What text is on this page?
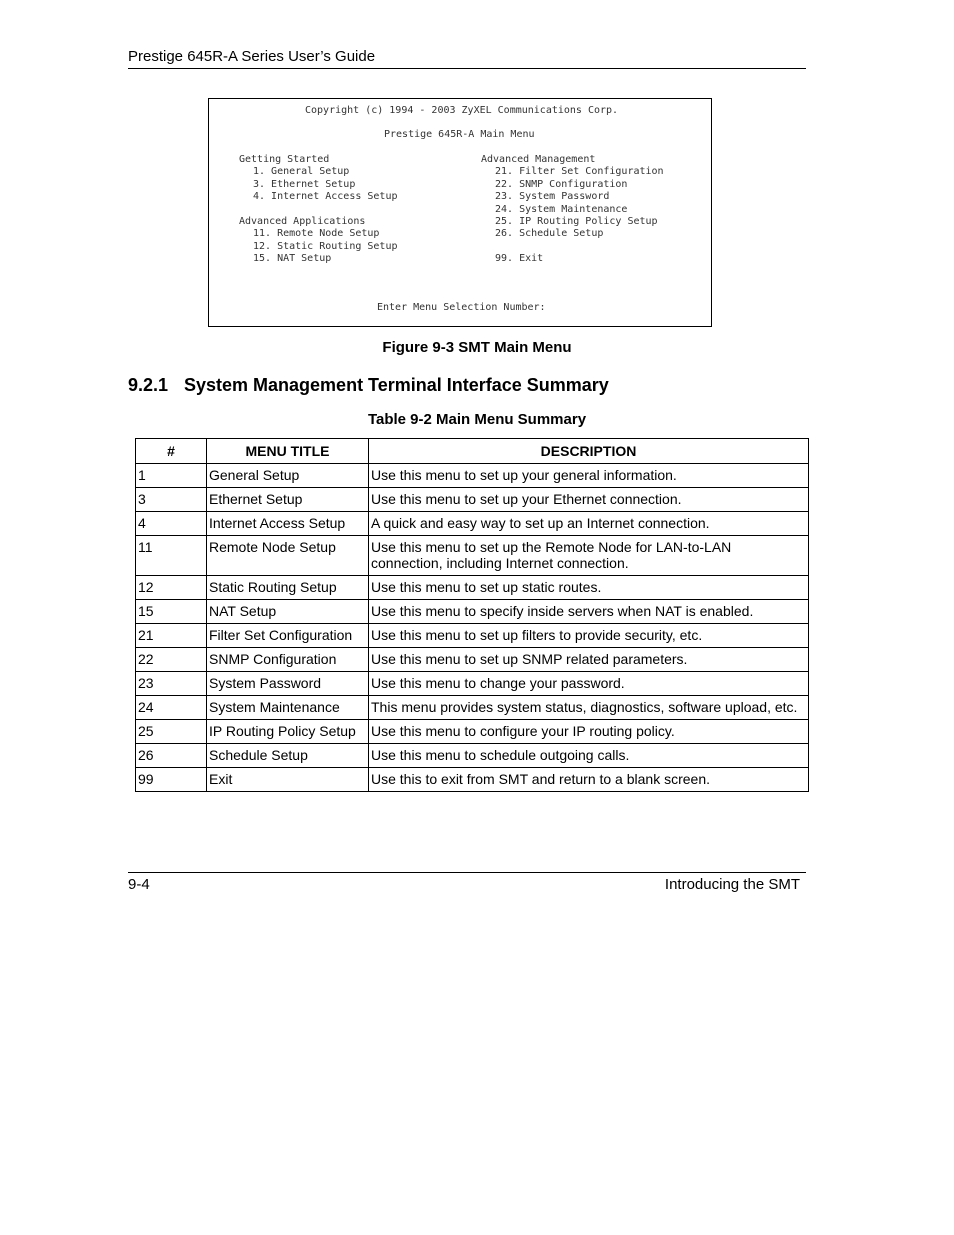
Prestige 645R-A Series User’s Guide
Copyright (c) 1994 - 2003 ZyXEL Communications Corp.
Prestige 645R-A Main Menu
Enter Menu Selection Number:
Getting Started
1. General Setup
3. Ethernet Setup
4. Internet Access Setup
Advanced Applications
11. Remote Node Setup
12. Static Routing Setup
15. NAT Setup
Advanced Management
21. Filter Set Configuration
22. SNMP Configuration
23. System Password
24. System Maintenance
25. IP Routing Policy Setup
26. Schedule Setup
99. Exit
Figure 9-3 SMT Main Menu
9.2.1 System Management Terminal Interface Summary
Table 9-2 Main Menu Summary
#	MENU TITLE	DESCRIPTION
1	General Setup	Use this menu to set up your general information.
3	Ethernet Setup	Use this menu to set up your Ethernet connection.
4	Internet Access Setup	A quick and easy way to set up an Internet connection.
11	Remote Node Setup	Use this menu to set up the Remote Node for LAN-to-LAN connection, including Internet connection.
12	Static Routing Setup	Use this menu to set up static routes.
15	NAT Setup	Use this menu to specify inside servers when NAT is enabled.
21	Filter Set Configuration	Use this menu to set up filters to provide security, etc.
22	SNMP Configuration	Use this menu to set up SNMP related parameters.
23	System Password	Use this menu to change your password.
24	System Maintenance	This menu provides system status, diagnostics, software upload, etc.
25	IP Routing Policy Setup	Use this menu to configure your IP routing policy.
26	Schedule Setup	Use this menu to schedule outgoing calls.
99	Exit	Use this to exit from SMT and return to a blank screen.
9-4	Introducing the SMT
